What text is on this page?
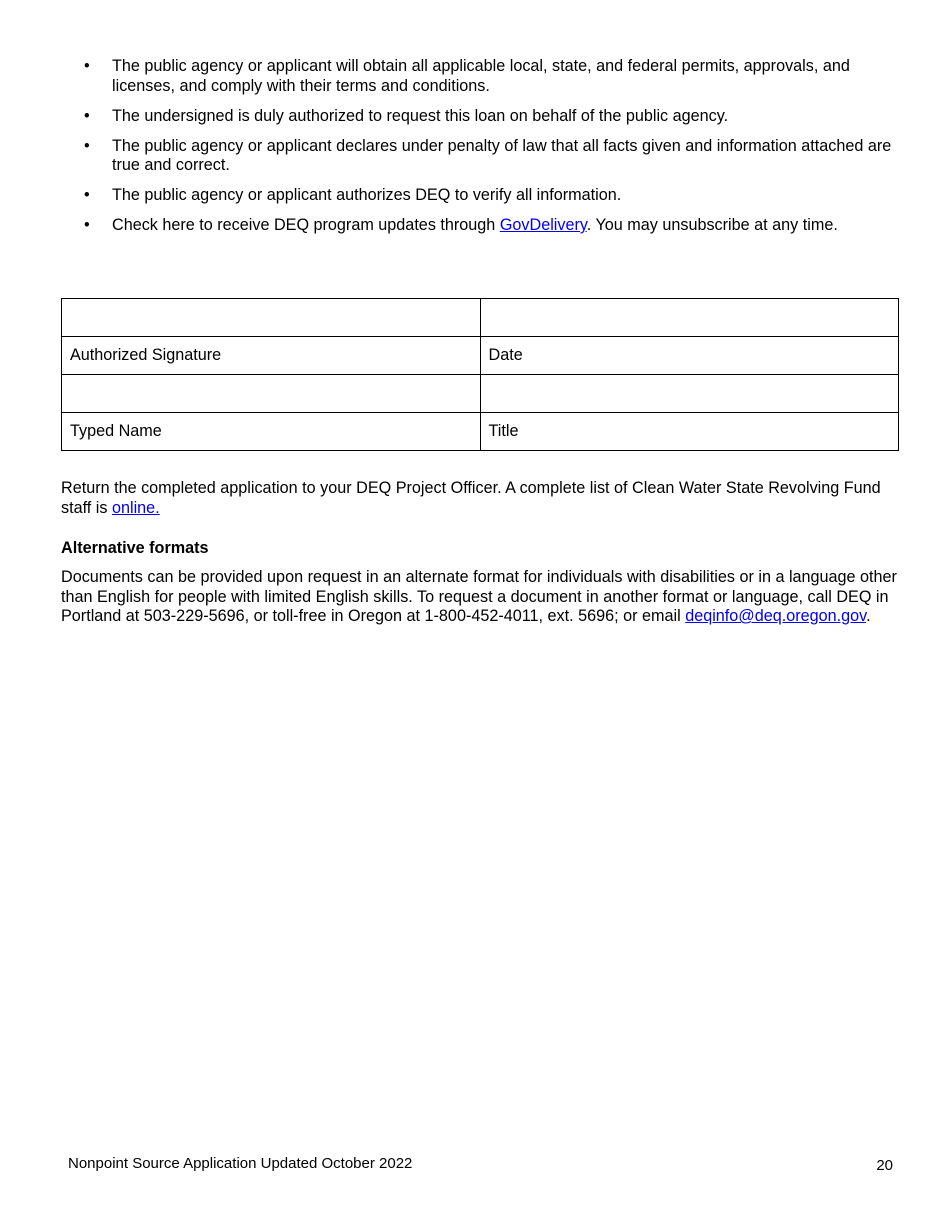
• The public agency or applicant will obtain all applicable local, state, and federal permits, approvals, and licenses, and comply with their terms and conditions.
• The undersigned is duly authorized to request this loan on behalf of the public agency.
• The public agency or applicant declares under penalty of law that all facts given and information attached are true and correct.
• The public agency or applicant authorizes DEQ to verify all information.
• Check here to receive DEQ program updates through GovDelivery. You may unsubscribe at any time.

Authorized Signature	Date

Typed Name	Title

Return the completed application to your DEQ Project Officer. A complete list of Clean Water State Revolving Fund staff is online.

Alternative formats

Documents can be provided upon request in an alternate format for individuals with disabilities or in a language other than English for people with limited English skills. To request a document in another format or language, call DEQ in Portland at 503-229-5696, or toll-free in Oregon at 1-800-452-4011, ext. 5696; or email deqinfo@deq.oregon.gov.

Nonpoint Source Application Updated October 2022	20
